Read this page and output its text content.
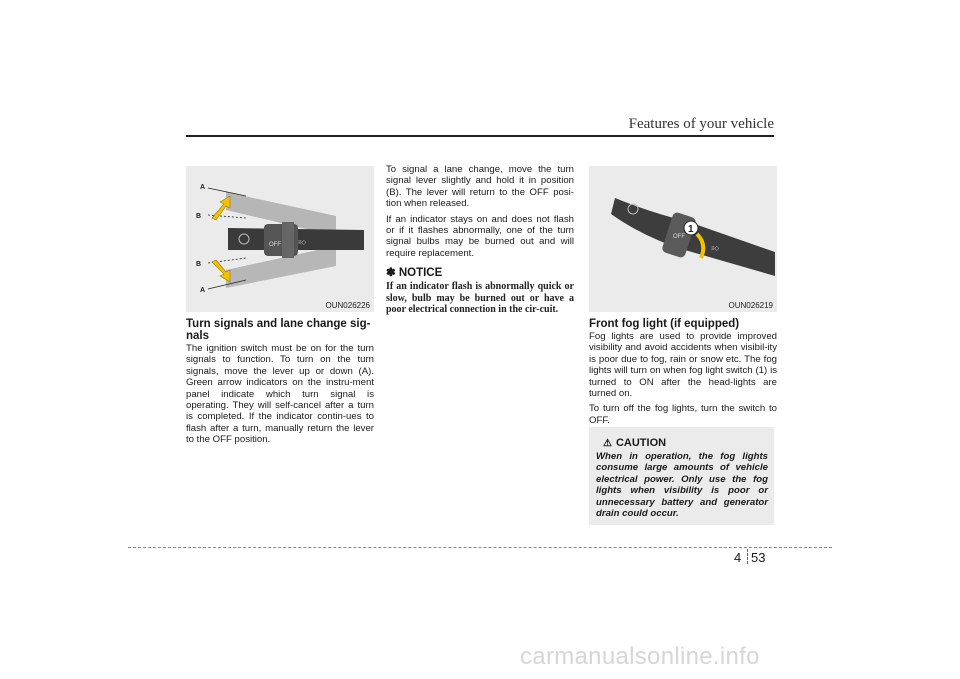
Features of your vehicle
OFF	≡◇
A
B
B
A
OUN026226
Turn signals and lane change sig-nals

The ignition switch must be on for the turn signals to function. To turn on the turn signals, move the lever up or down (A). Green arrow indicators on the instru-ment panel indicate which turn signal is operating. They will self-cancel after a turn is completed. If the indicator contin-ues to flash after a turn, manually return the lever to the OFF position.

To signal a lane change, move the turn signal lever slightly and hold it in position (B). The lever will return to the OFF posi-tion when released.

If an indicator stays on and does not flash or if it flashes abnormally, one of the turn signal bulbs may be burned out and will require replacement.

✽ NOTICE
If an indicator flash is abnormally quick or slow, bulb may be burned out or have a poor electrical connection in the cir-cuit.
OFF
1
≡◇
OUN026219
Front fog light (if equipped)

Fog lights are used to provide improved visibility and avoid accidents when visibil-ity is poor due to fog, rain or snow etc. The fog lights will turn on when fog light switch (1) is turned to ON after the head-lights are turned on.

To turn off the fog lights, turn the switch to OFF.

⚠ CAUTION
When in operation, the fog lights consume large amounts of vehicle electrical power. Only use the fog lights when visibility is poor or unnecessary battery and generator drain could occur.
4 53
carmanualsonline.info
